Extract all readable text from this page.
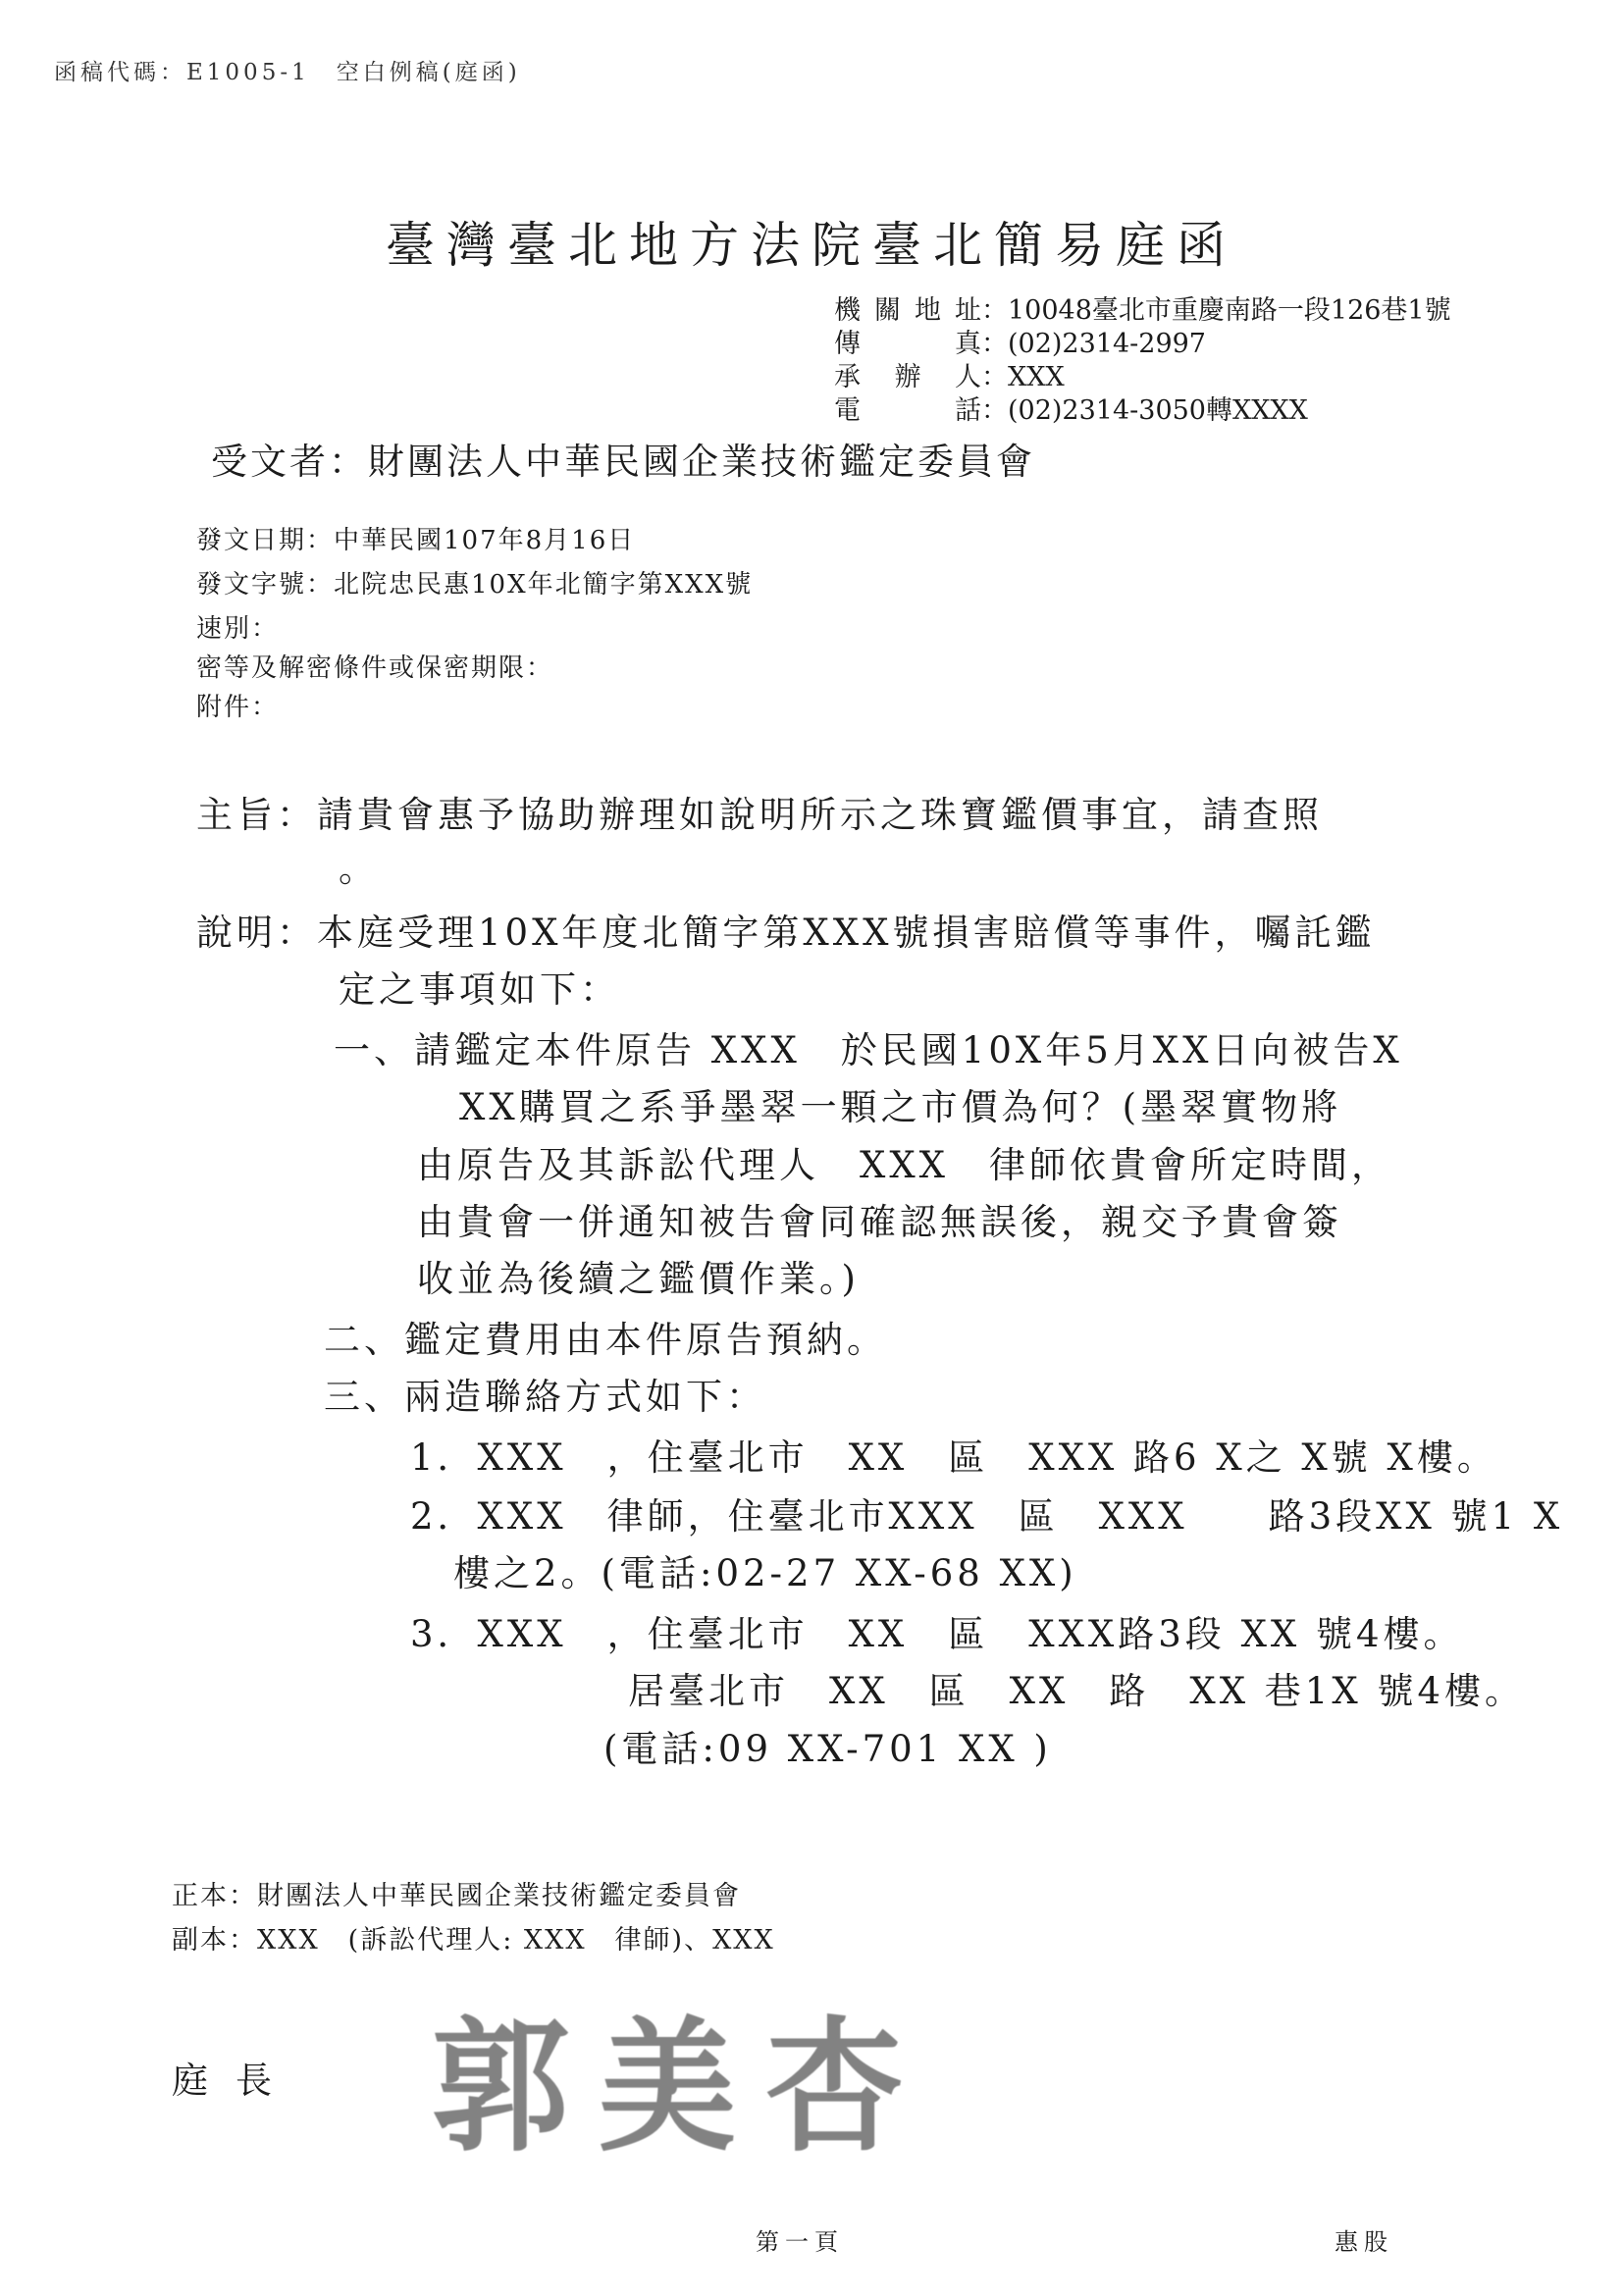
函稿代碼：E1005-1　空白例稿(庭函)
臺灣臺北地方法院臺北簡易庭函
機關地址：10048臺北市重慶南路一段126巷1號
傳真：(02)2314-2997
承辦人：XXX
電話：(02)2314-3050轉XXXX
受文者：財團法人中華民國企業技術鑑定委員會
發文日期：中華民國107年8月16日
發文字號：北院忠民惠10X年北簡字第XXX號
速別：
密等及解密條件或保密期限：
附件：
主旨：請貴會惠予協助辦理如說明所示之珠寶鑑價事宜，請查照
。
說明：本庭受理10X年度北簡字第XXX號損害賠償等事件，囑託鑑
定之事項如下：
一、請鑑定本件原告 XXX　於民國10X年5月XX日向被告X
XX購買之系爭墨翠一顆之市價為何？(墨翠實物將
由原告及其訴訟代理人　XXX　律師依貴會所定時間，
由貴會一併通知被告會同確認無誤後，親交予貴會簽
收並為後續之鑑價作業。)
二、鑑定費用由本件原告預納。
三、兩造聯絡方式如下：
1．XXX　，住臺北市　XX　區　XXX 路6 X之 X號 X樓。
2．XXX　律師，住臺北市XXX　區　XXX　　路3段XX 號1 X
樓之2。(電話:02-27 XX-68 XX)
3．XXX　，住臺北市　XX　區　XXX路3段 XX 號4樓。
居臺北市　XX　區　XX　路　XX 巷1X 號4樓。
(電話:09 XX-701 XX )
正本：財團法人中華民國企業技術鑑定委員會
副本：XXX　(訴訟代理人: XXX　律師)、XXX
庭長 郭美杏
第一頁	惠股
